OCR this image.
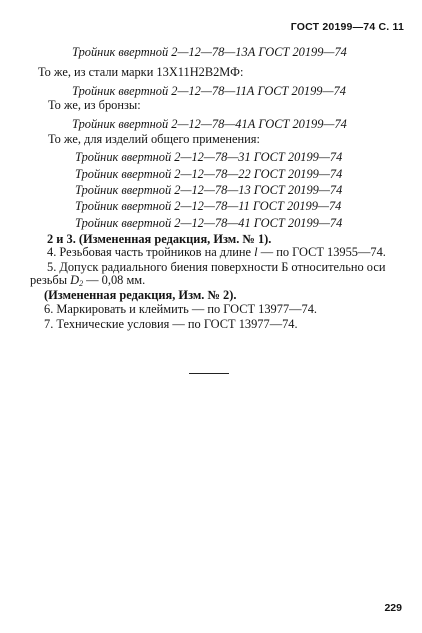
ГОСТ 20199—74 С. 11
Тройник ввертной 2—12—78—13А ГОСТ 20199—74
То же, из стали марки 13Х11Н2В2МФ:
Тройник ввертной 2—12—78—11А ГОСТ 20199—74
То же, из бронзы:
Тройник ввертной 2—12—78—41А ГОСТ 20199—74
То же, для изделий общего применения:
Тройник ввертной 2—12—78—31 ГОСТ 20199—74
Тройник ввертной 2—12—78—22 ГОСТ 20199—74
Тройник ввертной 2—12—78—13 ГОСТ 20199—74
Тройник ввертной 2—12—78—11 ГОСТ 20199—74
Тройник ввертной 2—12—78—41 ГОСТ 20199—74
2 и 3. (Измененная редакция, Изм. № 1).
4. Резьбовая часть тройников на длине l — по ГОСТ 13955—74.
5. Допуск радиального биения поверхности Б относительно оси
резьбы $D_2$ — 0,08 мм.
(Измененная редакция, Изм. № 2).
6. Маркировать и клеймить — по ГОСТ 13977—74.
7. Технические условия — по ГОСТ 13977—74.
229
